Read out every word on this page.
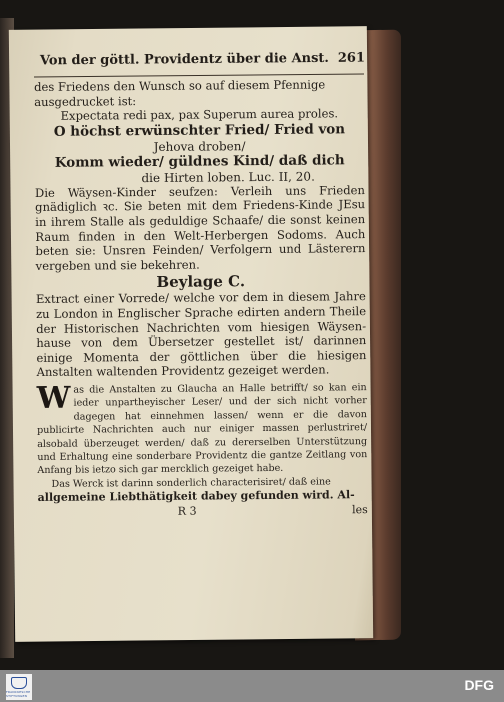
Von der göttl. Providentz über die Anst. 261

des Friedens den Wunsch so auf diesem Pfennige

ausgedrucket ist:

Expectata redi pax, pax Superum aurea proles.

O höchst erwünschter Fried/ Fried von

Jehova droben/

Komm wieder/ güldnes Kind/ daß dich

die Hirten loben. Luc. II, 20.

Die Wäysen-Kinder seufzen: Verleih uns Frieden gnädiglich ꝛc. Sie beten mit dem Friedens-Kinde JEsu in ihrem Stalle als geduldige Schaafe/ die sonst keinen Raum finden in den Welt-Herbergen Sodoms. Auch beten sie: Unsren Feinden/ Verfolgern und Lästerern vergeben und sie bekehren.

Beylage C.

Extract einer Vorrede/ welche vor dem in diesem Jahre zu London in Englischer Sprache edirten andern Theile der Historischen Nachrichten vom hiesigen Wäysen-hause von dem Übersetzer gestellet ist/ darinnen einige Momenta der göttlichen über die hiesigen Anstalten waltenden Providentz gezeiget werden.

W as die Anstalten zu Glaucha an Halle betrifft/ so kan ein ieder unpartheyischer Leser/ und der sich nicht vorher dagegen hat einnehmen lassen/ wenn er die davon publicirte Nachrichten auch nur einiger massen perlustriret/ alsobald überzeuget werden/ daß zu dererselben Unterstützung und Erhaltung eine sonderbare Providentz die gantze Zeitlang von Anfang bis ietzo sich gar mercklich gezeiget habe.

Das Werck ist darinn sonderlich characterisiret/ daß eine

allgemeine Liebthätigkeit dabey gefunden wird. Al-

R 3	les

FRANCKESCHE STIFTUNGEN
DFG
